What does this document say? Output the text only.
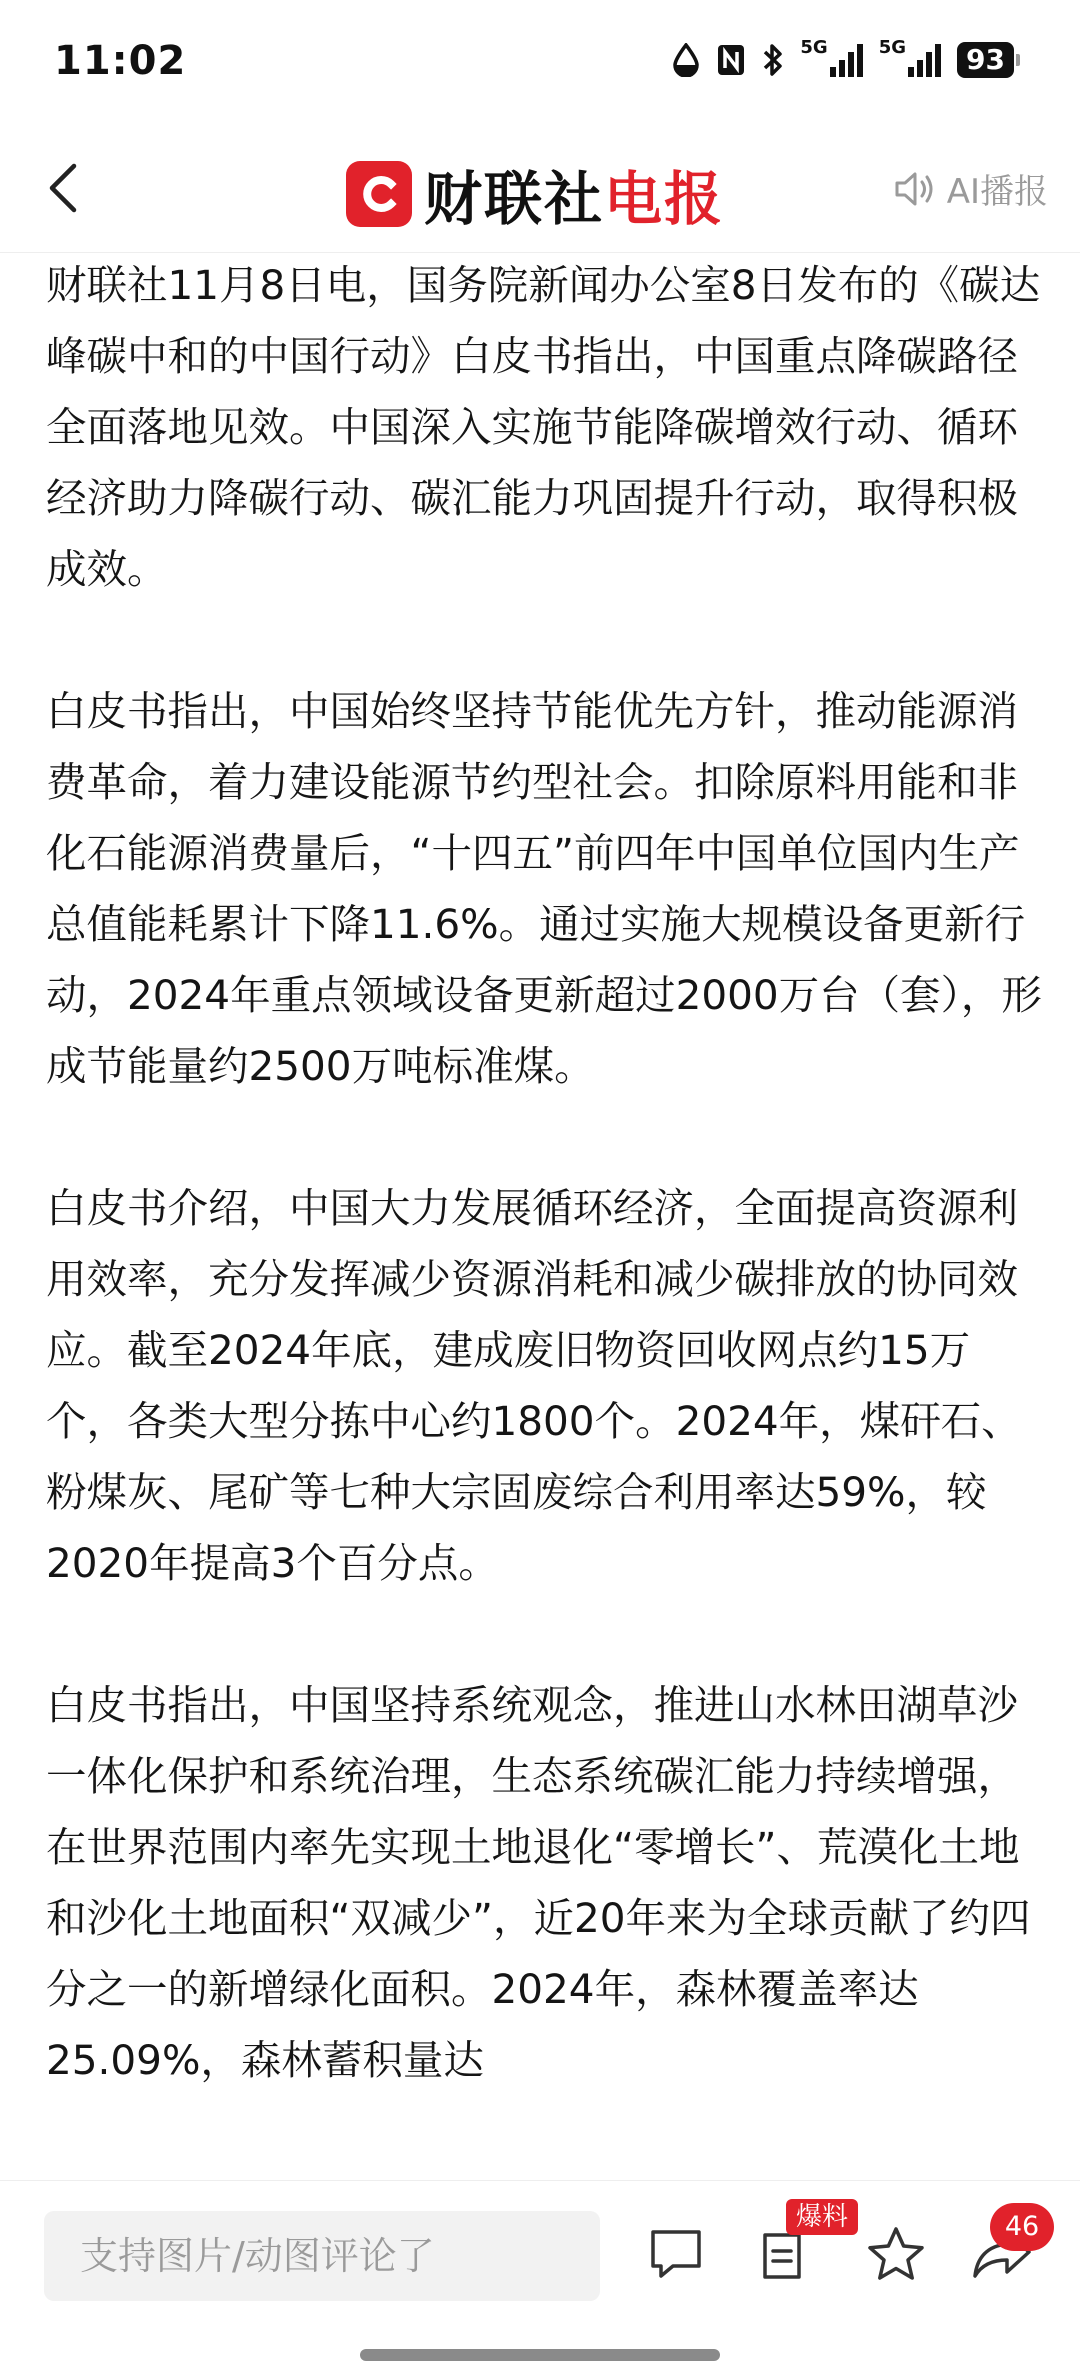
11:02	5G	5G	93
财联社电报	AI播报

财联社11月8日电，国务院新闻办公室8日发布的《碳达峰碳中和的中国行动》白皮书指出，中国重点降碳路径全面落地见效。中国深入实施节能降碳增效行动、循环经济助力降碳行动、碳汇能力巩固提升行动，取得积极成效。

白皮书指出，中国始终坚持节能优先方针，推动能源消费革命，着力建设能源节约型社会。扣除原料用能和非化石能源消费量后，“十四五”前四年中国单位国内生产总值能耗累计下降11.6%。通过实施大规模设备更新行动，2024年重点领域设备更新超过2000万台（套），形成节能量约2500万吨标准煤。

白皮书介绍，中国大力发展循环经济，全面提高资源利用效率，充分发挥减少资源消耗和减少碳排放的协同效应。截至2024年底，建成废旧物资回收网点约15万个，各类大型分拣中心约1800个。2024年，煤矸石、粉煤灰、尾矿等七种大宗固废综合利用率达59%，较2020年提高3个百分点。

白皮书指出，中国坚持系统观念，推进山水林田湖草沙一体化保护和系统治理，生态系统碳汇能力持续增强，在世界范围内率先实现土地退化“零增长”、荒漠化土地和沙化土地面积“双减少”，近20年来为全球贡献了约四分之一的新增绿化面积。2024年，森林覆盖率达25.09%，森林蓄积量达

支持图片/动图评论了
爆料	46
